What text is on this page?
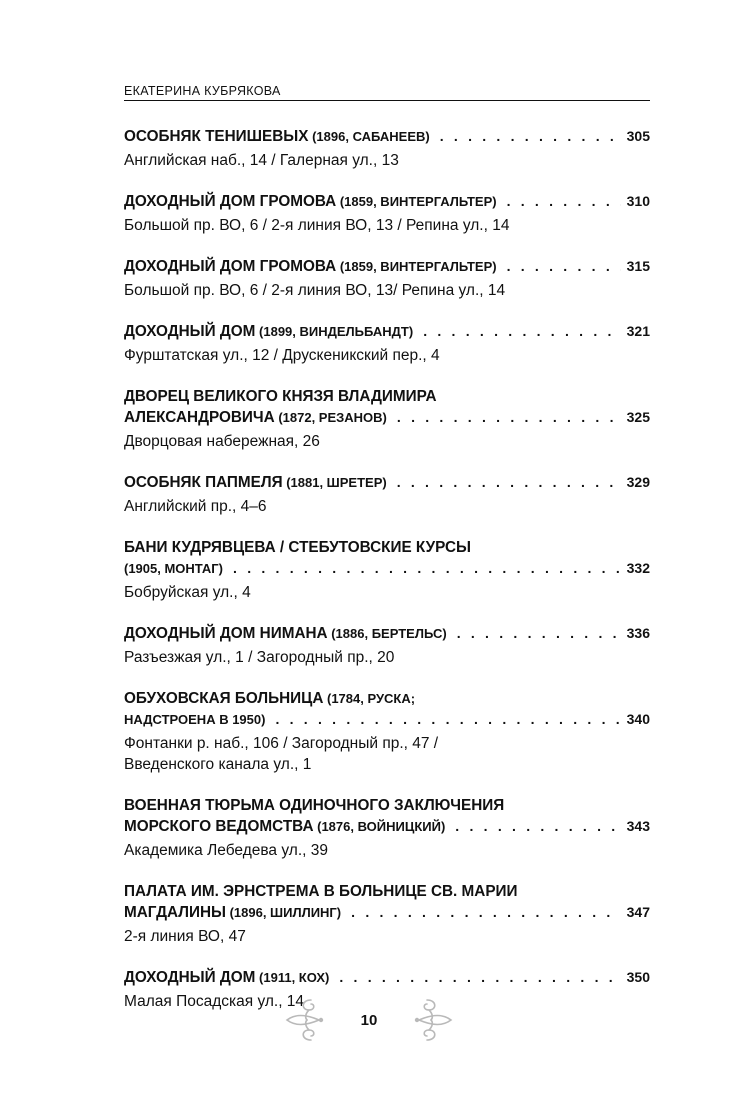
ЕКАТЕРИНА КУБРЯКОВА
ОСОБНЯК ТЕНИШЕВЫХ (1896, САБАНЕЕВ) . . .	305
Английская наб., 14 / Галерная ул., 13
ДОХОДНЫЙ ДОМ ГРОМОВА (1859, ВИНТЕРГАЛЬТЕР) . . .	310
Большой пр. ВО, 6 / 2-я линия ВО, 13 / Репина ул., 14
ДОХОДНЫЙ ДОМ ГРОМОВА (1859, ВИНТЕРГАЛЬТЕР) . . .	315
Большой пр. ВО, 6 / 2-я линия ВО, 13/ Репина ул., 14
ДОХОДНЫЙ ДОМ (1899, ВИНДЕЛЬБАНДТ) . . .	321
Фурштатская ул., 12 / Друскеникский пер., 4
ДВОРЕЦ ВЕЛИКОГО КНЯЗЯ ВЛАДИМИРА
АЛЕКСАНДРОВИЧА (1872, РЕЗАНОВ) . . .	325
Дворцовая набережная, 26
ОСОБНЯК ПАПМЕЛЯ (1881, ШРЕТЕР) . . .	329
Английский пр., 4–6
БАНИ КУДРЯВЦЕВА / СТЕБУТОВСКИЕ КУРСЫ
(1905, МОНТАГ) . . .	332
Бобруйская ул., 4
ДОХОДНЫЙ ДОМ НИМАНА (1886, БЕРТЕЛЬС) . . .	336
Разъезжая ул., 1 / Загородный пр., 20
ОБУХОВСКАЯ БОЛЬНИЦА (1784, РУСКА;
НАДСТРОЕНА В 1950) . . .	340
Фонтанки р. наб., 106 / Загородный пр., 47 /
Введенского канала ул., 1
ВОЕННАЯ ТЮРЬМА ОДИНОЧНОГО ЗАКЛЮЧЕНИЯ
МОРСКОГО ВЕДОМСТВА (1876, ВОЙНИЦКИЙ) . . .	343
Академика Лебедева ул., 39
ПАЛАТА ИМ. ЭРНСТРЕМА В БОЛЬНИЦЕ СВ. МАРИИ
МАГДАЛИНЫ (1896, ШИЛЛИНГ) . . .	347
2-я линия ВО, 47
ДОХОДНЫЙ ДОМ (1911, КОХ) . . .	350
Малая Посадская ул., 14
10
